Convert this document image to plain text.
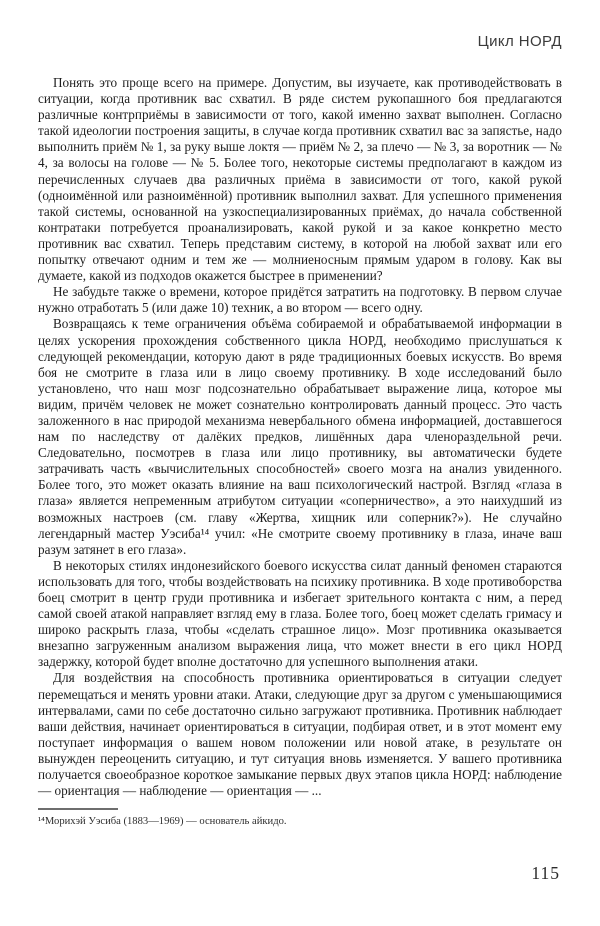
Цикл НОРД

Понять это проще всего на примере. Допустим, вы изучаете, как противодействовать в ситуации, когда противник вас схватил. В ряде систем рукопашного боя предлагаются различные контрприёмы в зависимости от того, какой именно захват выполнен. Согласно такой идеологии построения защиты, в случае когда противник схватил вас за запястье, надо выполнить приём № 1, за руку выше локтя — приём № 2, за плечо — № 3, за воротник — № 4, за волосы на голове — № 5. Более того, некоторые системы предполагают в каждом из перечисленных случаев два различных приёма в зависимости от того, какой рукой (одноимённой или разноимённой) противник выполнил захват. Для успешного применения такой системы, основанной на узкоспециализированных приёмах, до начала собственной контратаки потребуется проанализировать, какой рукой и за какое конкретно место противник вас схватил. Теперь представим систему, в которой на любой захват или его попытку отвечают одним и тем же — молниеносным прямым ударом в голову. Как вы думаете, какой из подходов окажется быстрее в применении?

Не забудьте также о времени, которое придётся затратить на подготовку. В первом случае нужно отработать 5 (или даже 10) техник, а во втором — всего одну.

Возвращаясь к теме ограничения объёма собираемой и обрабатываемой информации в целях ускорения прохождения собственного цикла НОРД, необходимо прислушаться к следующей рекомендации, которую дают в ряде традиционных боевых искусств. Во время боя не смотрите в глаза или в лицо своему противнику. В ходе исследований было установлено, что наш мозг подсознательно обрабатывает выражение лица, которое мы видим, причём человек не может сознательно контролировать данный процесс. Это часть заложенного в нас природой механизма невербального обмена информацией, доставшегося нам по наследству от далёких предков, лишённых дара членораздельной речи. Следовательно, посмотрев в глаза или лицо противнику, вы автоматически будете затрачивать часть «вычислительных способностей» своего мозга на анализ увиденного. Более того, это может оказать влияние на ваш психологический настрой. Взгляд «глаза в глаза» является непременным атрибутом ситуации «соперничество», а это наихудший из возможных настроев (см. главу «Жертва, хищник или соперник?»). Не случайно легендарный мастер Уэсиба¹⁴ учил: «Не смотрите своему противнику в глаза, иначе ваш разум затянет в его глаза».

В некоторых стилях индонезийского боевого искусства силат данный феномен стараются использовать для того, чтобы воздействовать на психику противника. В ходе противоборства боец смотрит в центр груди противника и избегает зрительного контакта с ним, а перед самой своей атакой направляет взгляд ему в глаза. Более того, боец может сделать гримасу и широко раскрыть глаза, чтобы «сделать страшное лицо». Мозг противника оказывается внезапно загруженным анализом выражения лица, что может внести в его цикл НОРД задержку, которой будет вполне достаточно для успешного выполнения атаки.

Для воздействия на способность противника ориентироваться в ситуации следует перемещаться и менять уровни атаки. Атаки, следующие друг за другом с уменьшающимися интервалами, сами по себе достаточно сильно загружают противника. Противник наблюдает ваши действия, начинает ориентироваться в ситуации, подбирая ответ, и в этот момент ему поступает информация о вашем новом положении или новой атаке, в результате он вынужден переоценить ситуацию, и тут ситуация вновь изменяется. У вашего противника получается своеобразное короткое замыкание первых двух этапов цикла НОРД: наблюдение — ориентация — наблюдение — ориентация — ...

¹⁴Морихэй Уэсиба (1883—1969) — основатель айкидо.
115
